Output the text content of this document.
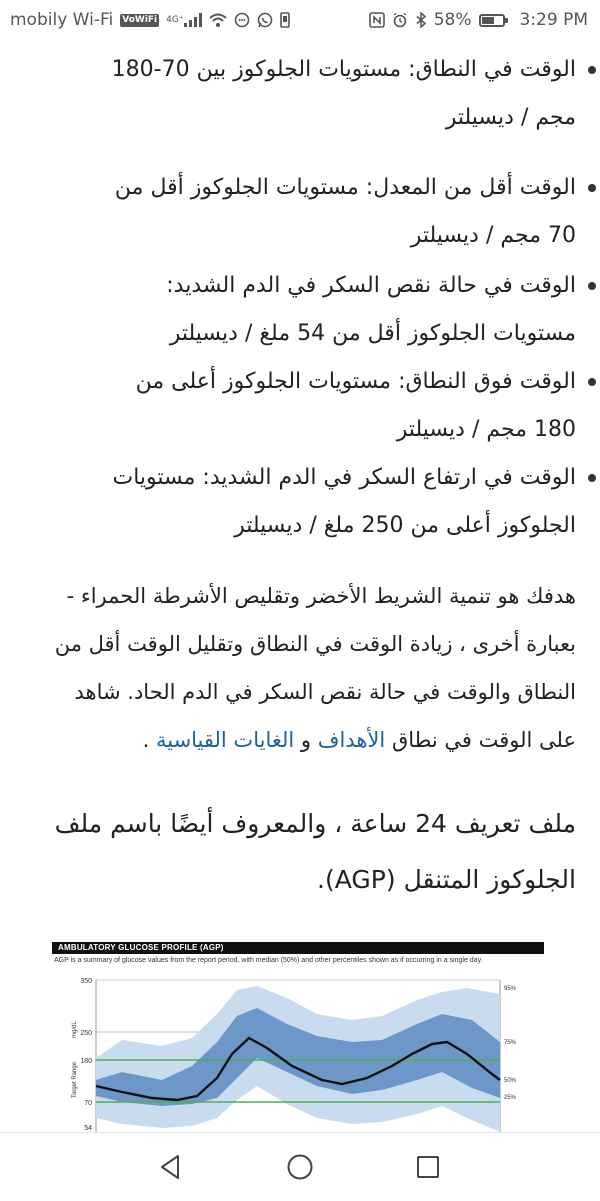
mobily Wi-Fi VoWiFi 4G⁺	58%	3:29 PM
الوقت في النطاق: مستويات الجلوكوز بين 70-180
مجم / ديسيلتر
الوقت أقل من المعدل: مستويات الجلوكوز أقل من
70 مجم / ديسيلتر
الوقت في حالة نقص السكر في الدم الشديد:
مستويات الجلوكوز أقل من 54 ملغ / ديسيلتر
الوقت فوق النطاق: مستويات الجلوكوز أعلى من
180 مجم / ديسيلتر
الوقت في ارتفاع السكر في الدم الشديد: مستويات
الجلوكوز أعلى من 250 ملغ / ديسيلتر
هدفك هو تنمية الشريط الأخضر وتقليص الأشرطة الحمراء -
بعبارة أخرى ، زيادة الوقت في النطاق وتقليل الوقت أقل من
النطاق والوقت في حالة نقص السكر في الدم الحاد. شاهد
على الوقت في نطاق الأهداف و الغايات القياسية .
ملف تعريف 24 ساعة ، والمعروف أيضًا باسم ملف
الجلوكوز المتنقل (AGP).
AMBULATORY GLUCOSE PROFILE (AGP)
AGP is a summary of glucose values from the report period, with median (50%) and other percentiles shown as if occurring in a single day.
350
250
180
70
54
mg/dL
Target Range
95%
75%
50%
25%
